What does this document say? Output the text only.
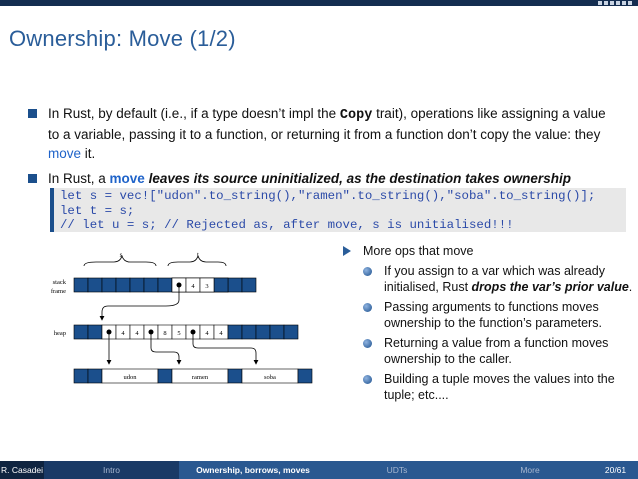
Ownership: Move (1/2)
In Rust, by default (i.e., if a type doesn’t impl the Copy trait), operations like assigning a value to a variable, passing it to a function, or returning it from a function don’t copy the value: they move it.
In Rust, a move leaves its source uninitialized, as the destination takes ownership
let s = vec!["udon".to_string(),"ramen".to_string(),"soba".to_string()];
let t = s;
// let u = s; // Rejected as, after move, s is unitialised!!!
s	t
stack
frame
4 3
heap	4 4	8 5	4 4
udon	ramen	soba
More ops that move
If you assign to a var which was already initialised, Rust drops the var’s prior value.
Passing arguments to functions moves ownership to the function’s parameters.
Returning a value from a function moves ownership to the caller.
Building a tuple moves the values into the tuple; etc....
R. Casadei	Intro	Ownership, borrows, moves	UDTs	More	20/61
